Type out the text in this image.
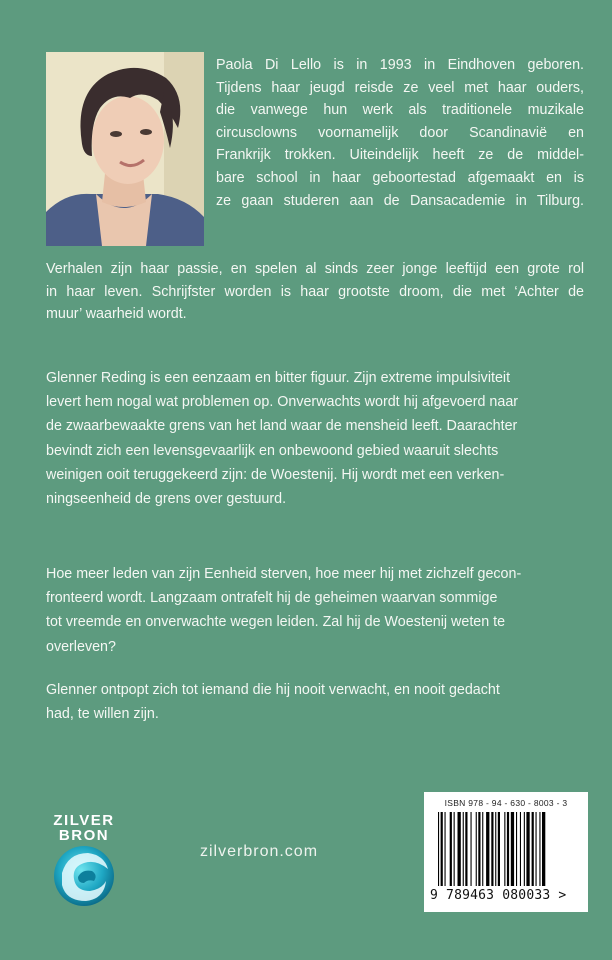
Paola Di Lello is in 1993 in Eindhoven geboren.
Tijdens haar jeugd reisde ze veel met haar ouders,
die vanwege hun werk als traditionele muzikale
circusclowns voornamelijk door Scandinavië en
Frankrijk trokken. Uiteindelijk heeft ze de middel-
bare school in haar geboortestad afgemaakt en is
ze gaan studeren aan de Dansacademie in Tilburg.

Verhalen zijn haar passie, en spelen al sinds zeer jonge leeftijd een grote rol
in haar leven. Schrijfster worden is haar grootste droom, die met ‘Achter de
muur’ waarheid wordt.

Glenner Reding is een eenzaam en bitter figuur. Zijn extreme impulsiviteit
levert hem nogal wat problemen op. Onverwachts wordt hij afgevoerd naar
de zwaarbewaakte grens van het land waar de mensheid leeft. Daarachter
bevindt zich een levensgevaarlijk en onbewoond gebied waaruit slechts
weinigen ooit teruggekeerd zijn: de Woestenij. Hij wordt met een verken-
ningseenheid de grens over gestuurd.

Hoe meer leden van zijn Eenheid sterven, hoe meer hij met zichzelf gecon-
fronteerd wordt. Langzaam ontrafelt hij de geheimen waarvan sommige
tot vreemde en onverwachte wegen leiden. Zal hij de Woestenij weten te
overleven?

Glenner ontpopt zich tot iemand die hij nooit verwacht, en nooit gedacht
had, te willen zijn.

ZILVER
BRON
zilverbron.com
ISBN 978 - 94 - 630 - 8003 - 3
9 789463 080033 >
